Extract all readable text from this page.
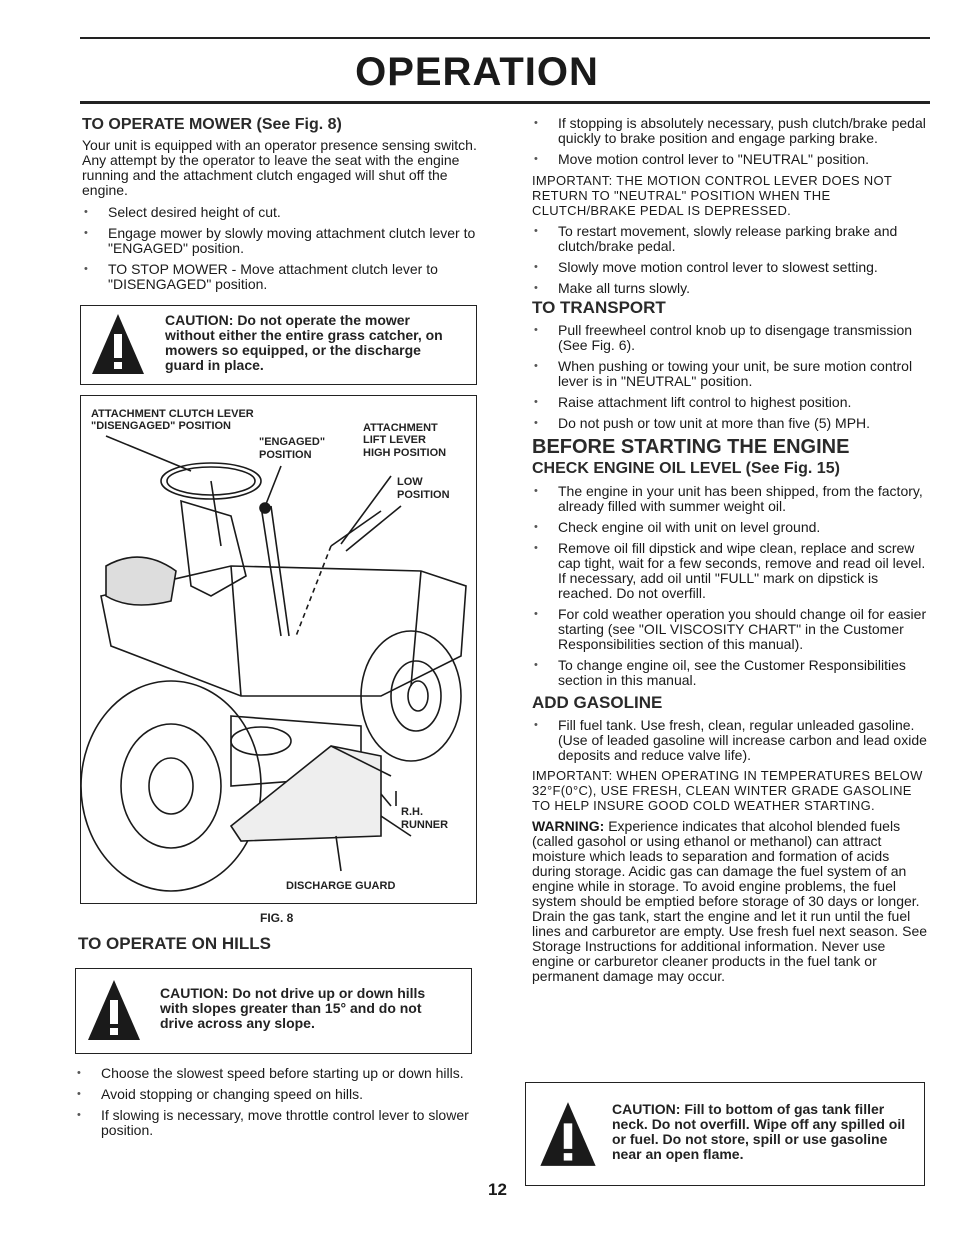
OPERATION

TO OPERATE MOWER (See Fig. 8)

Your unit is equipped with an operator presence sensing switch. Any attempt by the operator to leave the seat with the engine running and the attachment clutch engaged will shut off the engine.

• Select desired height of cut.

• Engage mower by slowly moving attachment clutch lever to "ENGAGED" position.

• TO STOP MOWER - Move attachment clutch lever to "DISENGAGED" position.

CAUTION: Do not operate the mower without either the entire grass catcher, on mowers so equipped, or the discharge guard in place.
ATTACHMENT CLUTCH LEVER
"DISENGAGED" POSITION
"ENGAGED"
POSITION
ATTACHMENT
LIFT LEVER
HIGH POSITION
LOW
POSITION
R.H.
RUNNER
DISCHARGE GUARD
FIG. 8

TO OPERATE ON HILLS

CAUTION: Do not drive up or down hills with slopes greater than 15° and do not drive across any slope.

• Choose the slowest speed before starting up or down hills.

• Avoid stopping or changing speed on hills.

• If slowing is necessary, move throttle control lever to slower position.

• If stopping is absolutely necessary, push clutch/brake pedal quickly to brake position and engage parking brake.

• Move motion control lever to "NEUTRAL" position.

IMPORTANT: THE MOTION CONTROL LEVER DOES NOT RETURN TO "NEUTRAL" POSITION WHEN THE CLUTCH/BRAKE PEDAL IS DEPRESSED.

• To restart movement, slowly release parking brake and clutch/brake pedal.

• Slowly move motion control lever to slowest setting.

• Make all turns slowly.

TO TRANSPORT

• Pull freewheel control knob up to disengage transmission (See Fig. 6).

• When pushing or towing your unit, be sure motion control lever is in "NEUTRAL" position.

• Raise attachment lift control to highest position.

• Do not push or tow unit at more than five (5) MPH.

BEFORE STARTING THE ENGINE

CHECK ENGINE OIL LEVEL (See Fig. 15)

• The engine in your unit has been shipped, from the factory, already filled with summer weight oil.

• Check engine oil with unit on level ground.

• Remove oil fill dipstick and wipe clean, replace and screw cap tight, wait for a few seconds, remove and read oil level. If necessary, add oil until "FULL" mark on dipstick is reached. Do not overfill.

• For cold weather operation you should change oil for easier starting (see "OIL VISCOSITY CHART" in the Customer Responsibilities section of this manual).

• To change engine oil, see the Customer Responsibilities section in this manual.

ADD GASOLINE

• Fill fuel tank. Use fresh, clean, regular unleaded gasoline. (Use of leaded gasoline will increase carbon and lead oxide deposits and reduce valve life).

IMPORTANT: WHEN OPERATING IN TEMPERATURES BELOW 32°F(0°C), USE FRESH, CLEAN WINTER GRADE GASOLINE TO HELP INSURE GOOD COLD WEATHER STARTING.

WARNING: Experience indicates that alcohol blended fuels (called gasohol or using ethanol or methanol) can attract moisture which leads to separation and formation of acids during storage. Acidic gas can damage the fuel system of an engine while in storage. To avoid engine problems, the fuel system should be emptied before storage of 30 days or longer. Drain the gas tank, start the engine and let it run until the fuel lines and carburetor are empty. Use fresh fuel next season. See Storage Instructions for additional information. Never use engine or carburetor cleaner products in the fuel tank or permanent damage may occur.

CAUTION: Fill to bottom of gas tank filler neck. Do not overfill. Wipe off any spilled oil or fuel. Do not store, spill or use gasoline near an open flame.
12
